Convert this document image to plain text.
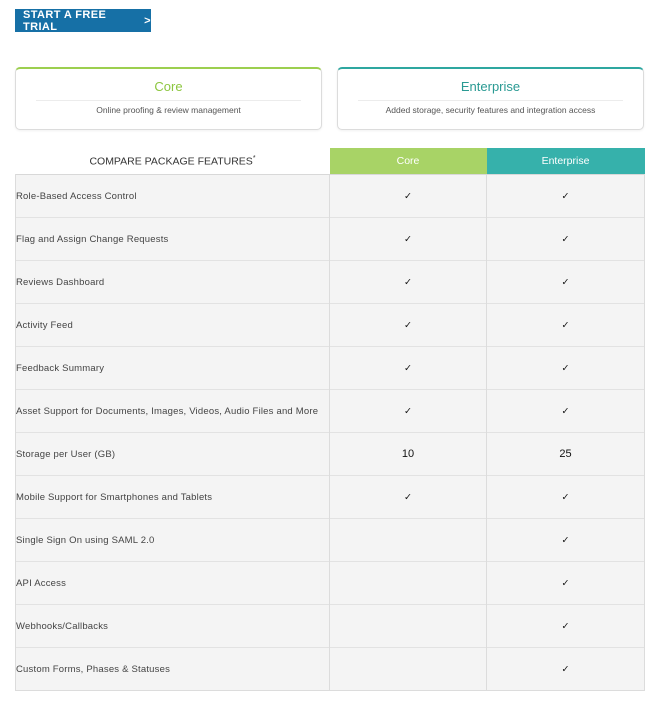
START A FREE TRIAL	>
Core
Online proofing & review management
Enterprise
Added storage, security features and integration access
COMPARE PACKAGE FEATURES*	Core	Enterprise
Role-Based Access Control	✓	✓
Flag and Assign Change Requests	✓	✓
Reviews Dashboard	✓	✓
Activity Feed	✓	✓
Feedback Summary	✓	✓
Asset Support for Documents, Images, Videos, Audio Files and More	✓	✓
Storage per User (GB)	10	25
Mobile Support for Smartphones and Tablets	✓	✓
Single Sign On using SAML 2.0		✓
API Access		✓
Webhooks/Callbacks		✓
Custom Forms, Phases & Statuses		✓
